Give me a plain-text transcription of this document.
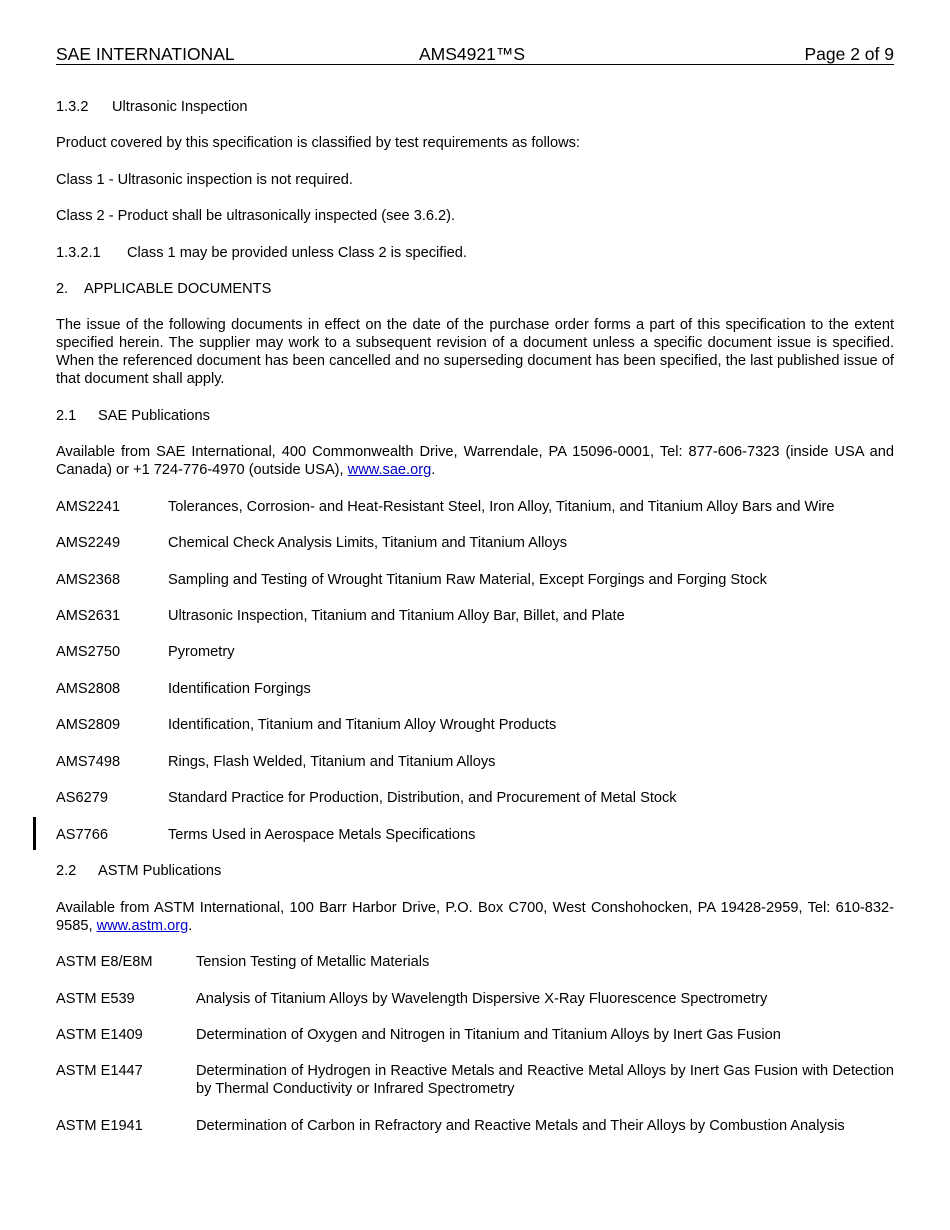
SAE INTERNATIONAL	AMS4921™S	Page 2 of 9
1.3.2 Ultrasonic Inspection
Product covered by this specification is classified by test requirements as follows:
Class 1 - Ultrasonic inspection is not required.
Class 2 - Product shall be ultrasonically inspected (see 3.6.2).
1.3.2.1 Class 1 may be provided unless Class 2 is specified.
2. APPLICABLE DOCUMENTS
The issue of the following documents in effect on the date of the purchase order forms a part of this specification to the extent specified herein. The supplier may work to a subsequent revision of a document unless a specific document issue is specified. When the referenced document has been cancelled and no superseding document has been specified, the last published issue of that document shall apply.
2.1 SAE Publications
Available from SAE International, 400 Commonwealth Drive, Warrendale, PA 15096-0001, Tel: 877-606-7323 (inside USA and Canada) or +1 724-776-4970 (outside USA), www.sae.org.
AMS2241	Tolerances, Corrosion- and Heat-Resistant Steel, Iron Alloy, Titanium, and Titanium Alloy Bars and Wire
AMS2249	Chemical Check Analysis Limits, Titanium and Titanium Alloys
AMS2368	Sampling and Testing of Wrought Titanium Raw Material, Except Forgings and Forging Stock
AMS2631	Ultrasonic Inspection, Titanium and Titanium Alloy Bar, Billet, and Plate
AMS2750	Pyrometry
AMS2808	Identification Forgings
AMS2809	Identification, Titanium and Titanium Alloy Wrought Products
AMS7498	Rings, Flash Welded, Titanium and Titanium Alloys
AS6279	Standard Practice for Production, Distribution, and Procurement of Metal Stock
AS7766	Terms Used in Aerospace Metals Specifications
2.2 ASTM Publications
Available from ASTM International, 100 Barr Harbor Drive, P.O. Box C700, West Conshohocken, PA 19428-2959, Tel: 610-832-9585, www.astm.org.
ASTM E8/E8M	Tension Testing of Metallic Materials
ASTM E539	Analysis of Titanium Alloys by Wavelength Dispersive X-Ray Fluorescence Spectrometry
ASTM E1409	Determination of Oxygen and Nitrogen in Titanium and Titanium Alloys by Inert Gas Fusion
ASTM E1447	Determination of Hydrogen in Reactive Metals and Reactive Metal Alloys by Inert Gas Fusion with Detection by Thermal Conductivity or Infrared Spectrometry
ASTM E1941	Determination of Carbon in Refractory and Reactive Metals and Their Alloys by Combustion Analysis
